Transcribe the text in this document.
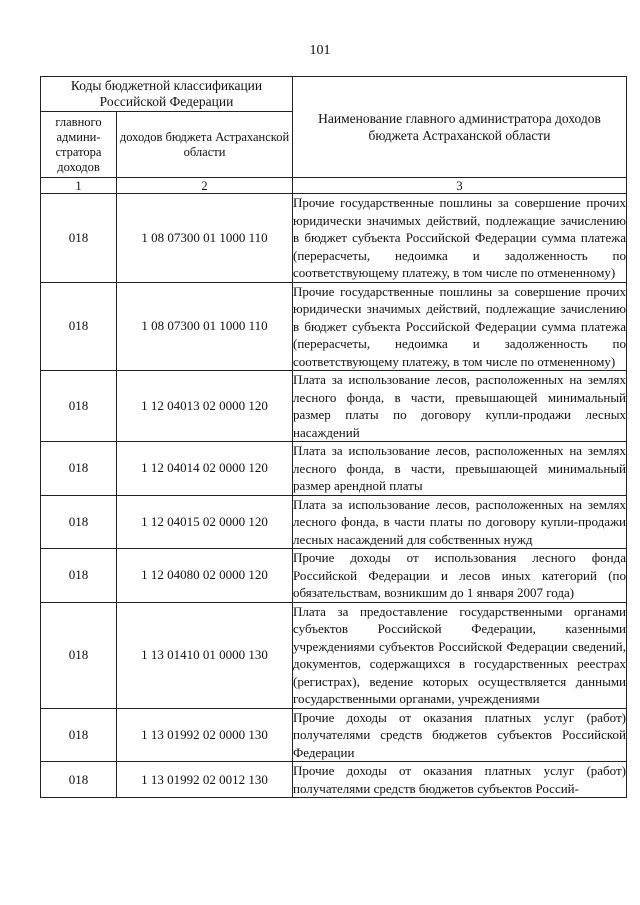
101
Коды бюджетной классификации Российской Федерации		Наименование главного администратора доходов бюджета Астраханской области
главного админи-стратора доходов	доходов бюджета Астраханской области	
1	2	3
018	1 08 07300 01 1000 110	Прочие государственные пошлины за совершение прочих юридически значимых действий, подлежащие зачислению в бюджет субъекта Российской Федерации сумма платежа (перерасчеты, недоимка и задолженность по соответствующему платежу, в том числе по отмененному)
018	1 08 07300 01 1000 110	Прочие государственные пошлины за совершение прочих юридически значимых действий, подлежащие зачислению в бюджет субъекта Российской Федерации сумма платежа (перерасчеты, недоимка и задолженность по соответствующему платежу, в том числе по отмененному)
018	1 12 04013 02 0000 120	Плата за использование лесов, расположенных на землях лесного фонда, в части, превышающей минимальный размер платы по договору купли-продажи лесных насаждений
018	1 12 04014 02 0000 120	Плата за использование лесов, расположенных на землях лесного фонда, в части, превышающей минимальный размер арендной платы
018	1 12 04015 02 0000 120	Плата за использование лесов, расположенных на землях лесного фонда, в части платы по договору купли-продажи лесных насаждений для собственных нужд
018	1 12 04080 02 0000 120	Прочие доходы от использования лесного фонда Российской Федерации и лесов иных категорий (по обязательствам, возникшим до 1 января 2007 года)
018	1 13 01410 01 0000 130	Плата за предоставление государственными органами субъектов Российской Федерации, казенными учреждениями субъектов Российской Федерации сведений, документов, содержащихся в государственных реестрах (регистрах), ведение которых осуществляется данными государственными органами, учреждениями
018	1 13 01992 02 0000 130	Прочие доходы от оказания платных услуг (работ) получателями средств бюджетов субъектов Российской Федерации
018	1 13 01992 02 0012 130	Прочие доходы от оказания платных услуг (работ) получателями средств бюджетов субъектов Россий-
